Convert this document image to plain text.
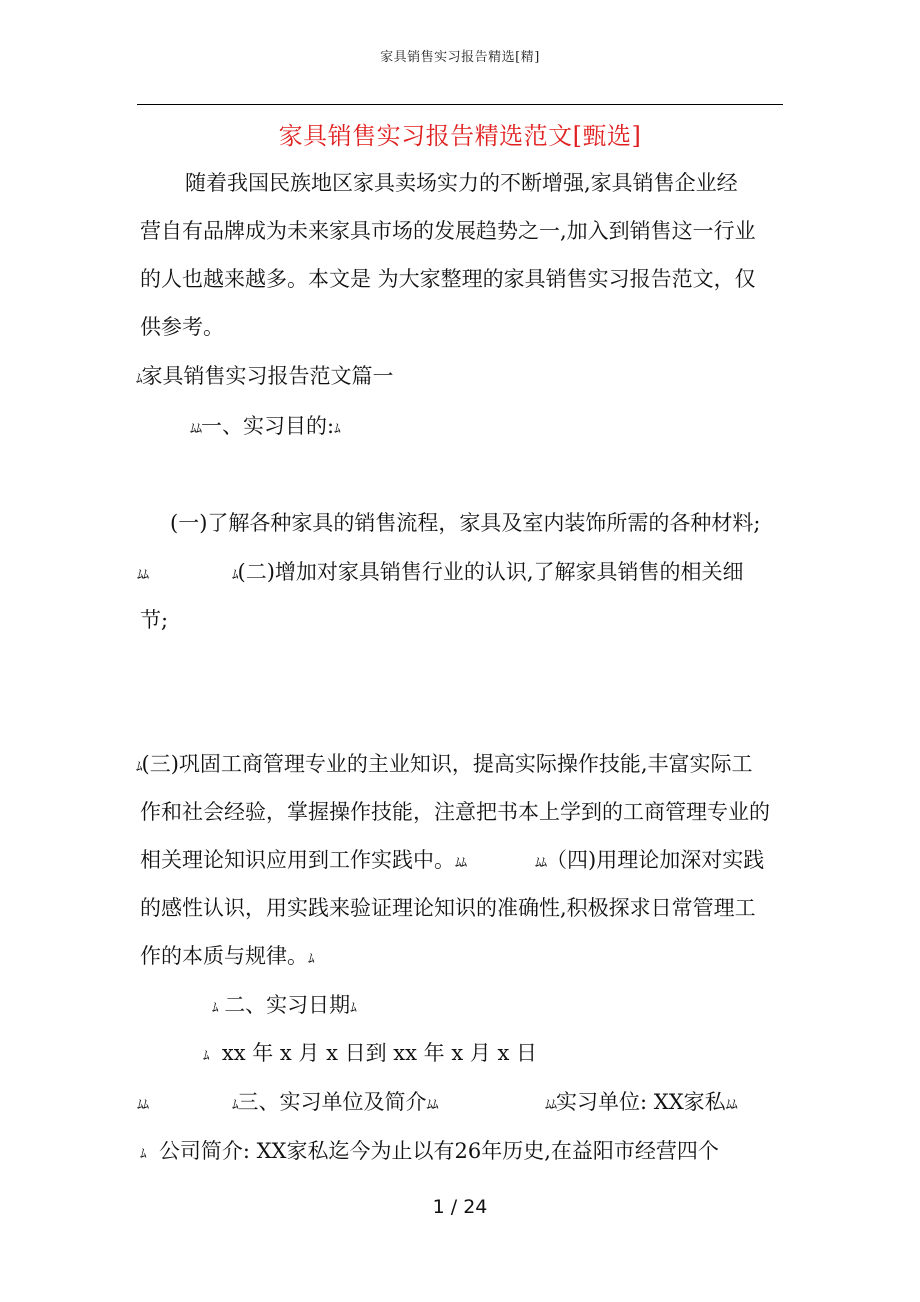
家具销售实习报告精选[精]
家具销售实习报告精选范文[甄选]
随着我国民族地区家具卖场实力的不断增强,家具销售企业经
营自有品牌成为未来家具市场的发展趋势之一,加入到销售这一行业
的人也越来越多。本文是 为大家整理的家具销售实习报告范文，仅
供参考。
ﾑ家具销售实习报告范文篇一
ﾑﾑ一、实习目的:ﾑ
(一)了解各种家具的销售流程，家具及室内装饰所需的各种材料;
ﾑﾑ	ﾑ(二)增加对家具销售行业的认识,了解家具销售的相关细
节;
ﾑ(三)巩固工商管理专业的主业知识，提高实际操作技能,丰富实际工
作和社会经验，掌握操作技能，注意把书本上学到的工商管理专业的
相关理论知识应用到工作实践中。ﾑﾑ	ﾑﾑ（四)用理论加深对实践
的感性认识，用实践来验证理论知识的准确性,积极探求日常管理工
作的本质与规律。ﾑ
ﾑ 二、实习日期ﾑ
ﾑ xx 年 x 月 x 日到 xx 年 x 月 x 日
ﾑﾑ	ﾑ三、实习单位及简介ﾑﾑ	ﾑﾑ实习单位: XX家私ﾑﾑ
ﾑ 公司简介: XX家私迄今为止以有26年历史,在益阳市经营四个
1 / 24
